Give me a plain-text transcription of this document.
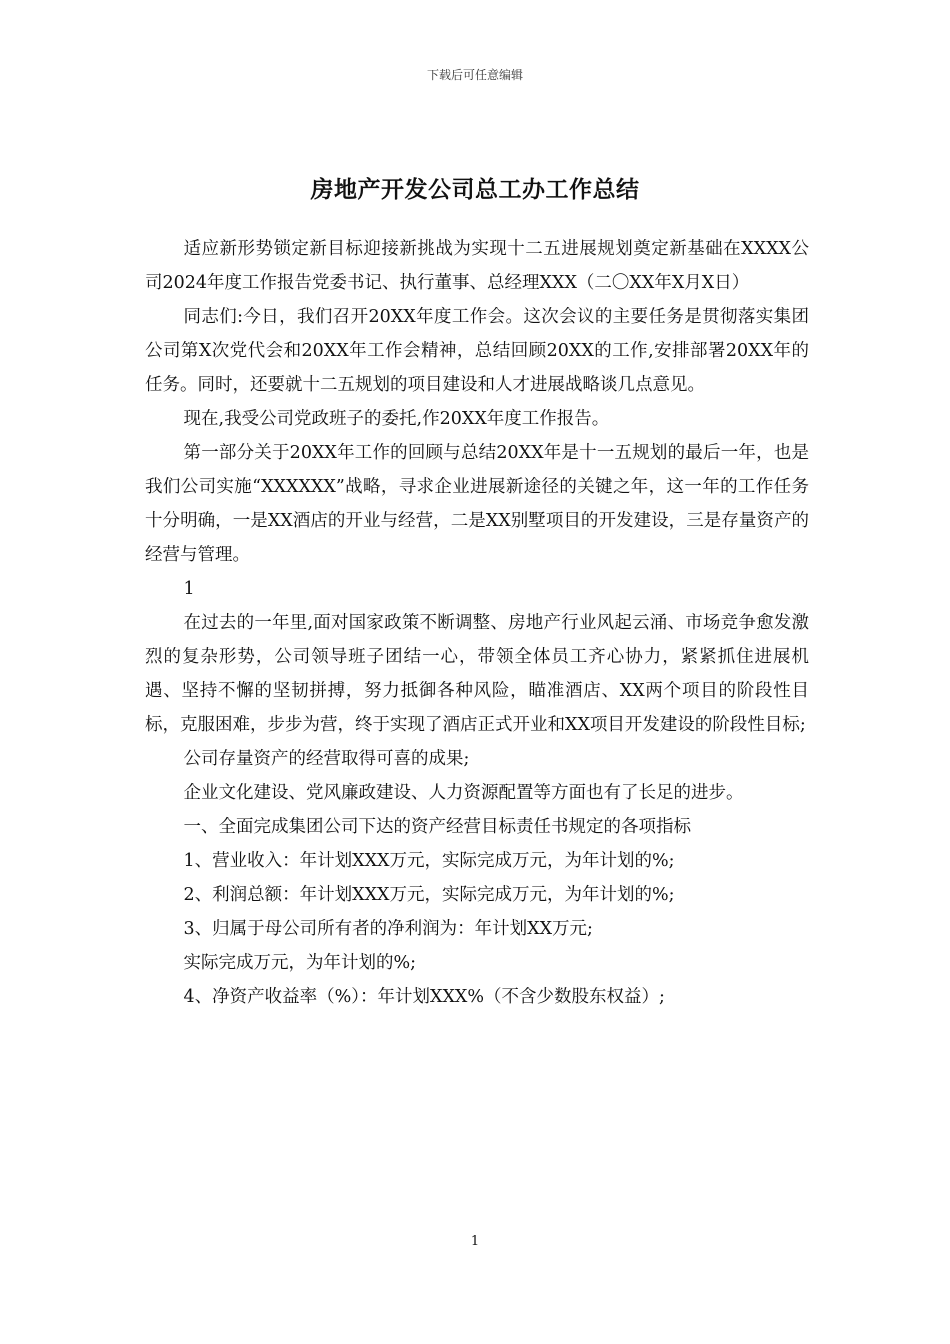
下载后可任意编辑
房地产开发公司总工办工作总结

适应新形势锁定新目标迎接新挑战为实现十二五进展规划奠定新基础在XXXX公司2024年度工作报告党委书记、执行董事、总经理XXX（二〇XX年X月X日）

同志们:今日，我们召开20XX年度工作会。这次会议的主要任务是贯彻落实集团公司第X次党代会和20XX年工作会精神，总结回顾20XX的工作,安排部署20XX年的任务。同时，还要就十二五规划的项目建设和人才进展战略谈几点意见。

现在,我受公司党政班子的委托,作20XX年度工作报告。

第一部分关于20XX年工作的回顾与总结20XX年是十一五规划的最后一年，也是我们公司实施“XXXXXX”战略，寻求企业进展新途径的关键之年，这一年的工作任务十分明确，一是XX酒店的开业与经营，二是XX别墅项目的开发建设，三是存量资产的经营与管理。

1

在过去的一年里,面对国家政策不断调整、房地产行业风起云涌、市场竞争愈发激烈的复杂形势，公司领导班子团结一心，带领全体员工齐心协力，紧紧抓住进展机遇、坚持不懈的坚韧拼搏，努力抵御各种风险，瞄准酒店、XX两个项目的阶段性目标，克服困难，步步为营，终于实现了酒店正式开业和XX项目开发建设的阶段性目标;

公司存量资产的经营取得可喜的成果;

企业文化建设、党风廉政建设、人力资源配置等方面也有了长足的进步。

一、全面完成集团公司下达的资产经营目标责任书规定的各项指标

1、营业收入：年计划XXX万元，实际完成万元，为年计划的%;

2、利润总额：年计划XXX万元，实际完成万元，为年计划的%;

3、归属于母公司所有者的净利润为：年计划XX万元;

实际完成万元，为年计划的%;

4、净资产收益率（%）：年计划XXX%（不含少数股东权益）;

1
